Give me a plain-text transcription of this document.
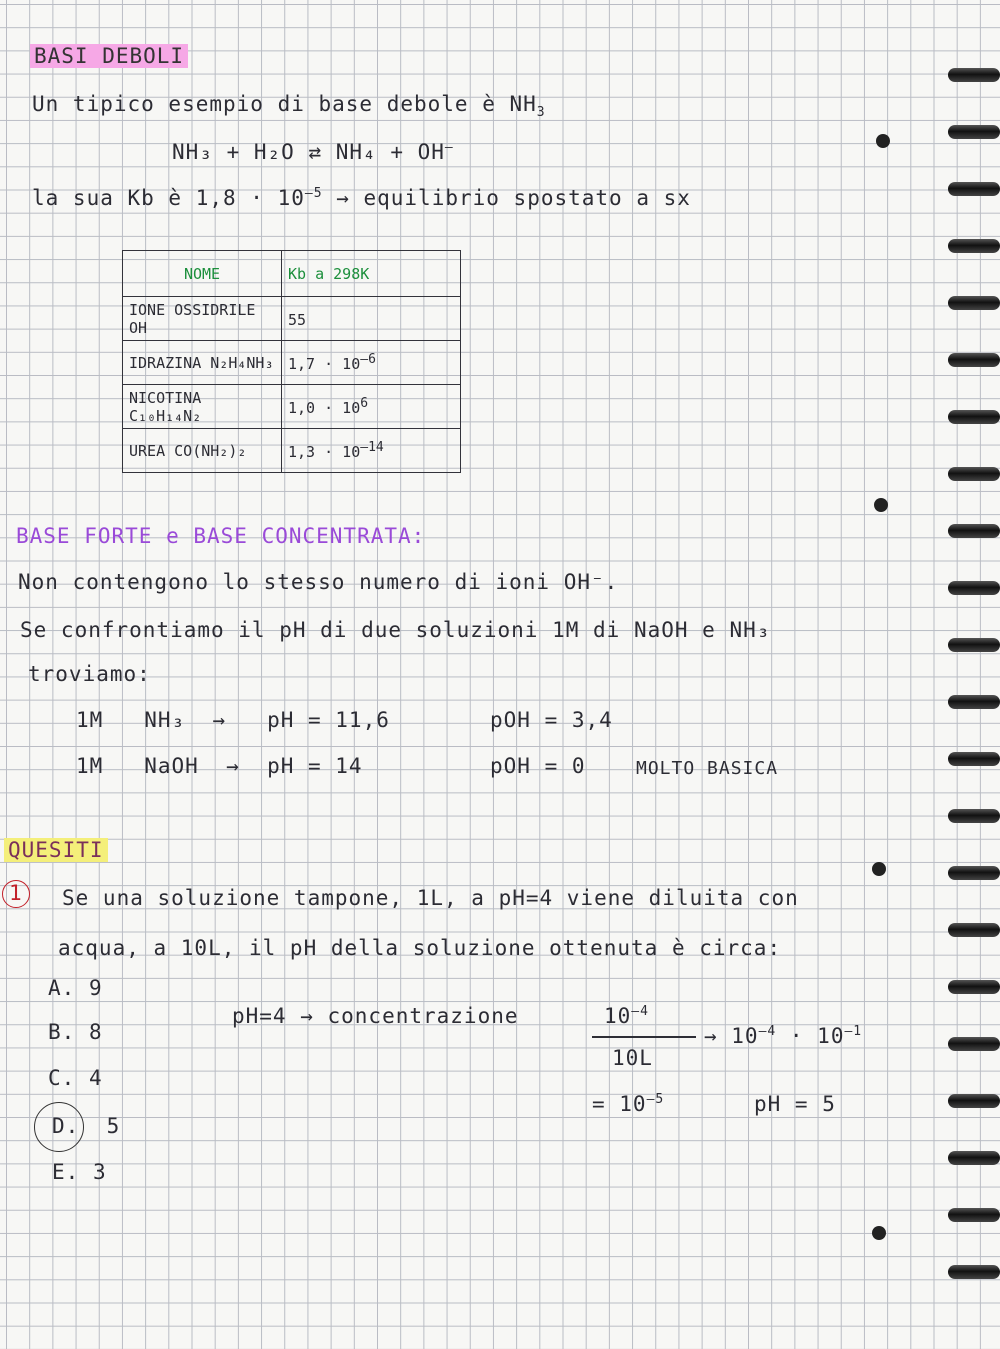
BASI DEBOLI
Un tipico esempio di base debole è $NH_3$
NH₃ + H₂O ⇄ NH₄ + OH–
la sua Kb è $1,8 \cdot 10^{-5}$ → equilibrio spostato a sx
NOME	Kb a 298K
IONE OSSIDRILE OH	55
IDRAZINA N₂H₄NH₃	$1,7 \cdot 10^{-6}$
NICOTINA C₁₀H₁₄N₂	$1,0 \cdot 10^6$
UREA CO(NH₂)₂	$1,3 \cdot 10^{-14}$
BASE FORTE e BASE CONCENTRATA:
Non contengono lo stesso numero di ioni OH⁻.
Se confrontiamo il pH di due soluzioni 1M di NaOH e NH₃
troviamo:
1M NH₃ → pH = 11,6	pOH = 3,4
1M NaOH → pH = 14	pOH = 0	MOLTO BASICA
QUESITI
1 Se una soluzione tampone, 1L, a pH=4 viene diluita con
acqua, a 10L, il pH della soluzione ottenuta è circa:
A. 9
B. 8
C. 4
D. 5
E. 3
pH=4 → concentrazione	$10^{-4}$
10L
→ $10^{-4} \cdot 10^{-1}$
= $10^{-5}$	pH = 5
